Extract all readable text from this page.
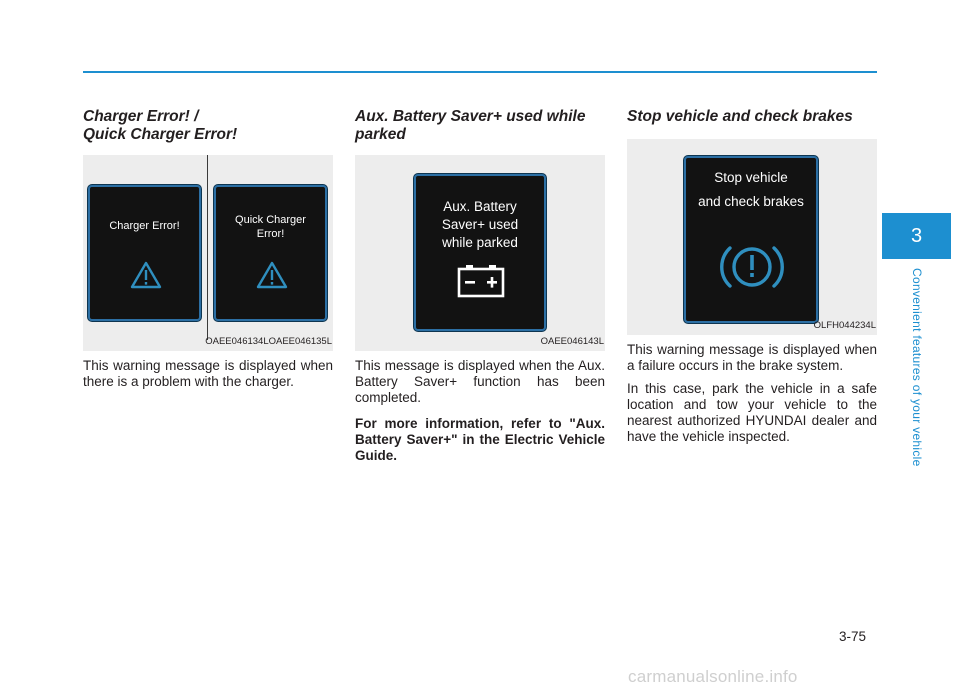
Charger Error! /
Quick Charger Error!
Charger Error!	Quick Charger
Error!
OAEE046134LOAEE046135L
This warning message is displayed when there is a problem with the charger.
Aux. Battery Saver+ used while
parked
Aux. Battery
Saver+ used
while parked
OAEE046143L
This message is displayed when the Aux. Battery Saver+ function has been completed.
For more information, refer to "Aux. Battery Saver+" in the Electric Vehicle Guide.
Stop vehicle and check brakes
Stop vehicle
and check brakes
OLFH044234L
This warning message is displayed when a failure occurs in the brake system.
In this case, park the vehicle in a safe location and tow your vehicle to the nearest authorized HYUNDAI dealer and have the vehicle inspected.
3
Convenient features of your vehicle
3-75
carmanualsonline.info
